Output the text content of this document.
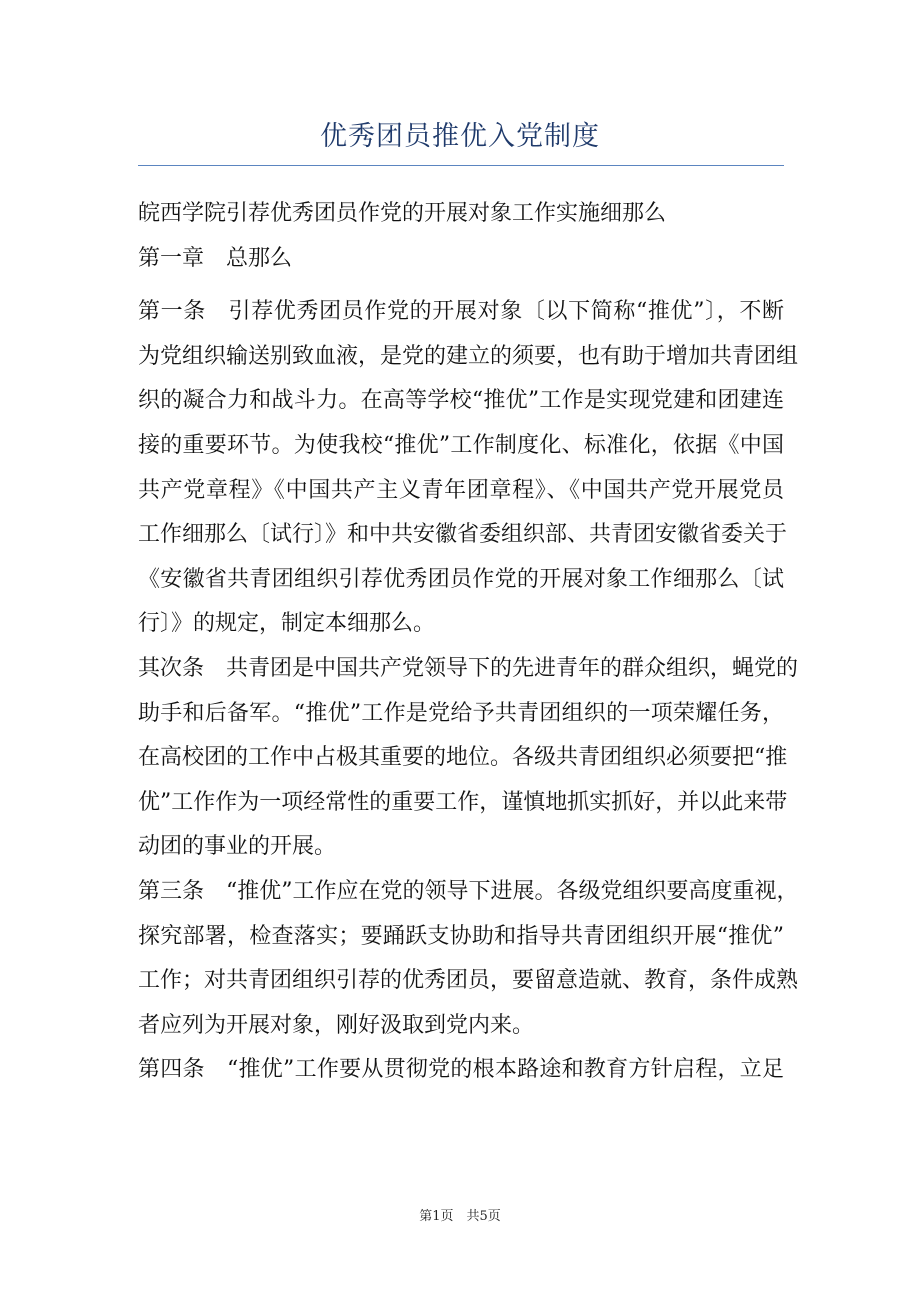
优秀团员推优入党制度
皖西学院引荐优秀团员作党的开展对象工作实施细那么
第一章　总那么
第一条　引荐优秀团员作党的开展对象〔以下简称“推优”〕，不断
为党组织输送别致血液，是党的建立的须要，也有助于增加共青团组
织的凝合力和战斗力。在高等学校“推优”工作是实现党建和团建连
接的重要环节。为使我校“推优”工作制度化、标准化，依据《中国
共产党章程》《中国共产主义青年团章程》、《中国共产党开展党员
工作细那么〔试行〕》和中共安徽省委组织部、共青团安徽省委关于
《安徽省共青团组织引荐优秀团员作党的开展对象工作细那么〔试
行〕》的规定，制定本细那么。
其次条　共青团是中国共产党领导下的先进青年的群众组织，蝇党的
助手和后备军。“推优”工作是党给予共青团组织的一项荣耀任务，
在高校团的工作中占极其重要的地位。各级共青团组织必须要把“推
优”工作作为一项经常性的重要工作，谨慎地抓实抓好，并以此来带
动团的事业的开展。
第三条　“推优”工作应在党的领导下进展。各级党组织要高度重视，
探究部署，检查落实；要踊跃支协助和指导共青团组织开展“推优”
工作；对共青团组织引荐的优秀团员，要留意造就、教育，条件成熟
者应列为开展对象，刚好汲取到党内来。
第四条　“推优”工作要从贯彻党的根本路途和教育方针启程，立足
第1页　共5页
